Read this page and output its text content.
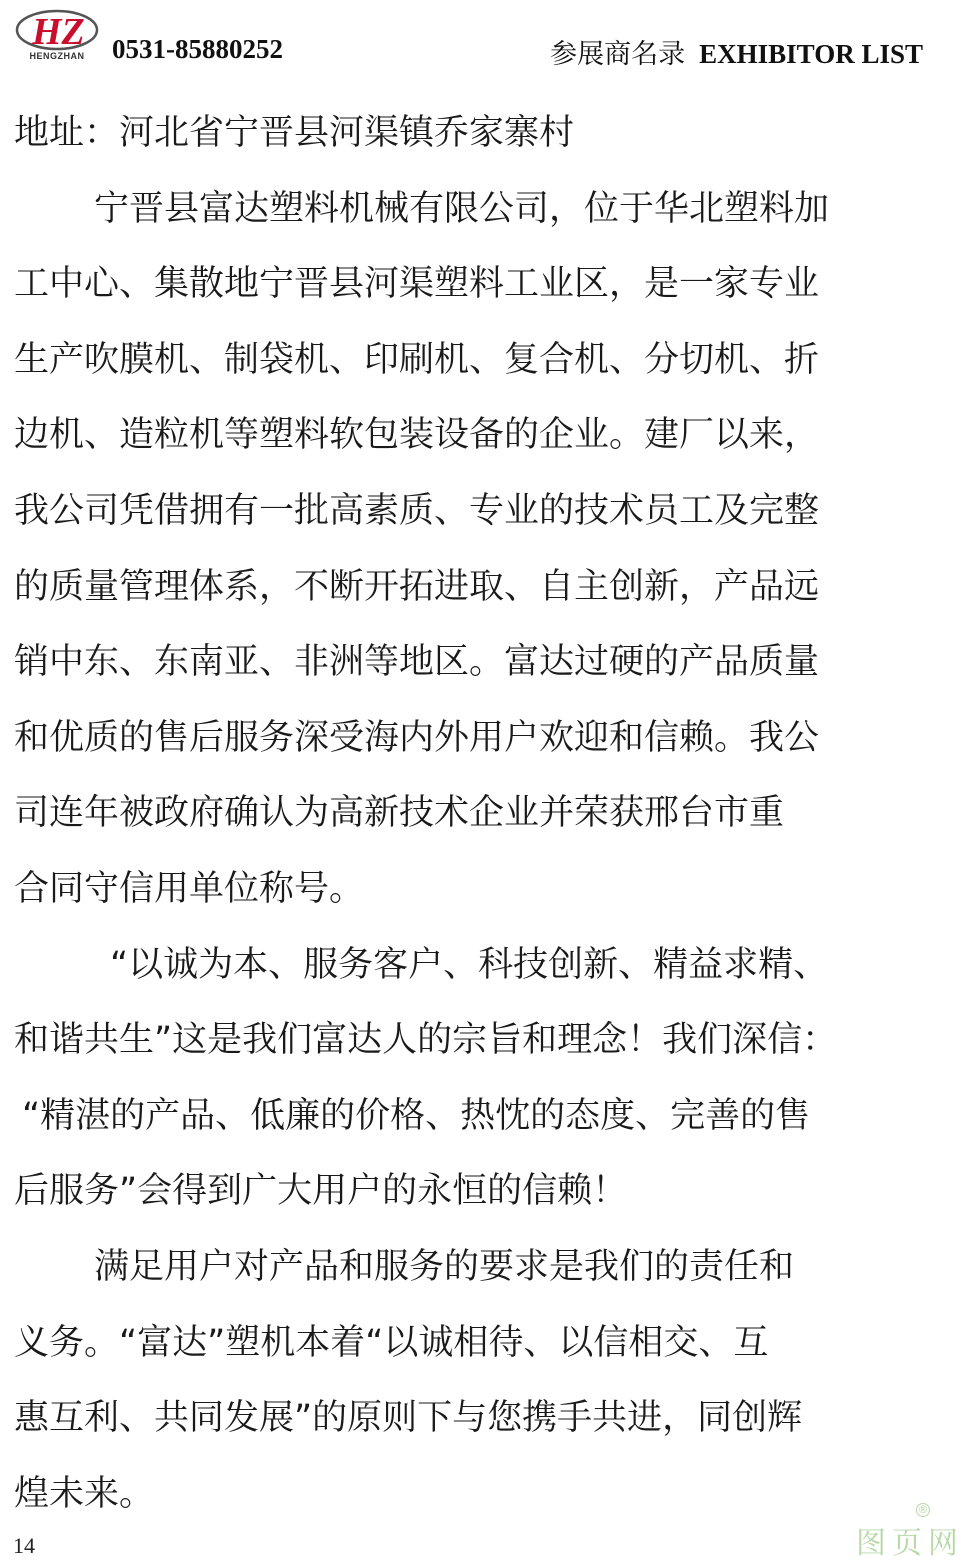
HZ
HENGZHAN	0531-85880252	参展商名录 EXHIBITOR LIST
地址：河北省宁晋县河渠镇乔家寨村
宁晋县富达塑料机械有限公司，位于华北塑料加
工中心、集散地宁晋县河渠塑料工业区，是一家专业
生产吹膜机、制袋机、印刷机、复合机、分切机、折
边机、造粒机等塑料软包装设备的企业。建厂以来，
我公司凭借拥有一批高素质、专业的技术员工及完整
的质量管理体系，不断开拓进取、自主创新，产品远
销中东、东南亚、非洲等地区。富达过硬的产品质量
和优质的售后服务深受海内外用户欢迎和信赖。我公
司连年被政府确认为高新技术企业并荣获邢台市重
合同守信用单位称号。
“以诚为本、服务客户、科技创新、精益求精、
和谐共生”这是我们富达人的宗旨和理念！我们深信：
“精湛的产品、低廉的价格、热忱的态度、完善的售
后服务”会得到广大用户的永恒的信赖！
满足用户对产品和服务的要求是我们的责任和
义务。“富达”塑机本着“以诚相待、以信相交、互
惠互利、共同发展”的原则下与您携手共进，同创辉
煌未来。
14	图页网
®
